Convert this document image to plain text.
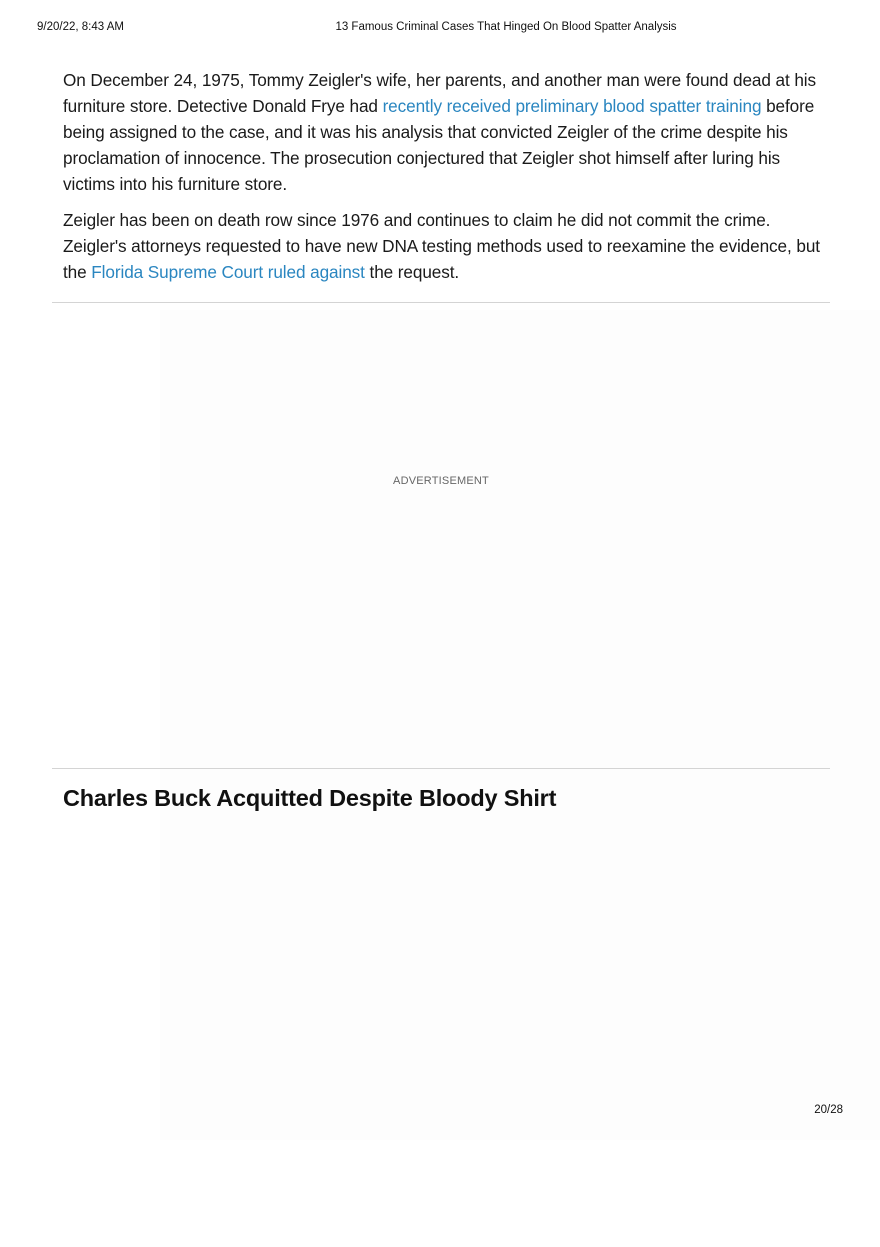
9/20/22, 8:43 AM	13 Famous Criminal Cases That Hinged On Blood Spatter Analysis

On December 24, 1975, Tommy Zeigler's wife, her parents, and another man were found dead at his furniture store. Detective Donald Frye had recently received preliminary blood spatter training before being assigned to the case, and it was his analysis that convicted Zeigler of the crime despite his proclamation of innocence. The prosecution conjectured that Zeigler shot himself after luring his victims into his furniture store.

Zeigler has been on death row since 1976 and continues to claim he did not commit the crime. Zeigler's attorneys requested to have new DNA testing methods used to reexamine the evidence, but the Florida Supreme Court ruled against the request.

ADVERTISEMENT
Charles Buck Acquitted Despite Bloody Shirt
20/28
